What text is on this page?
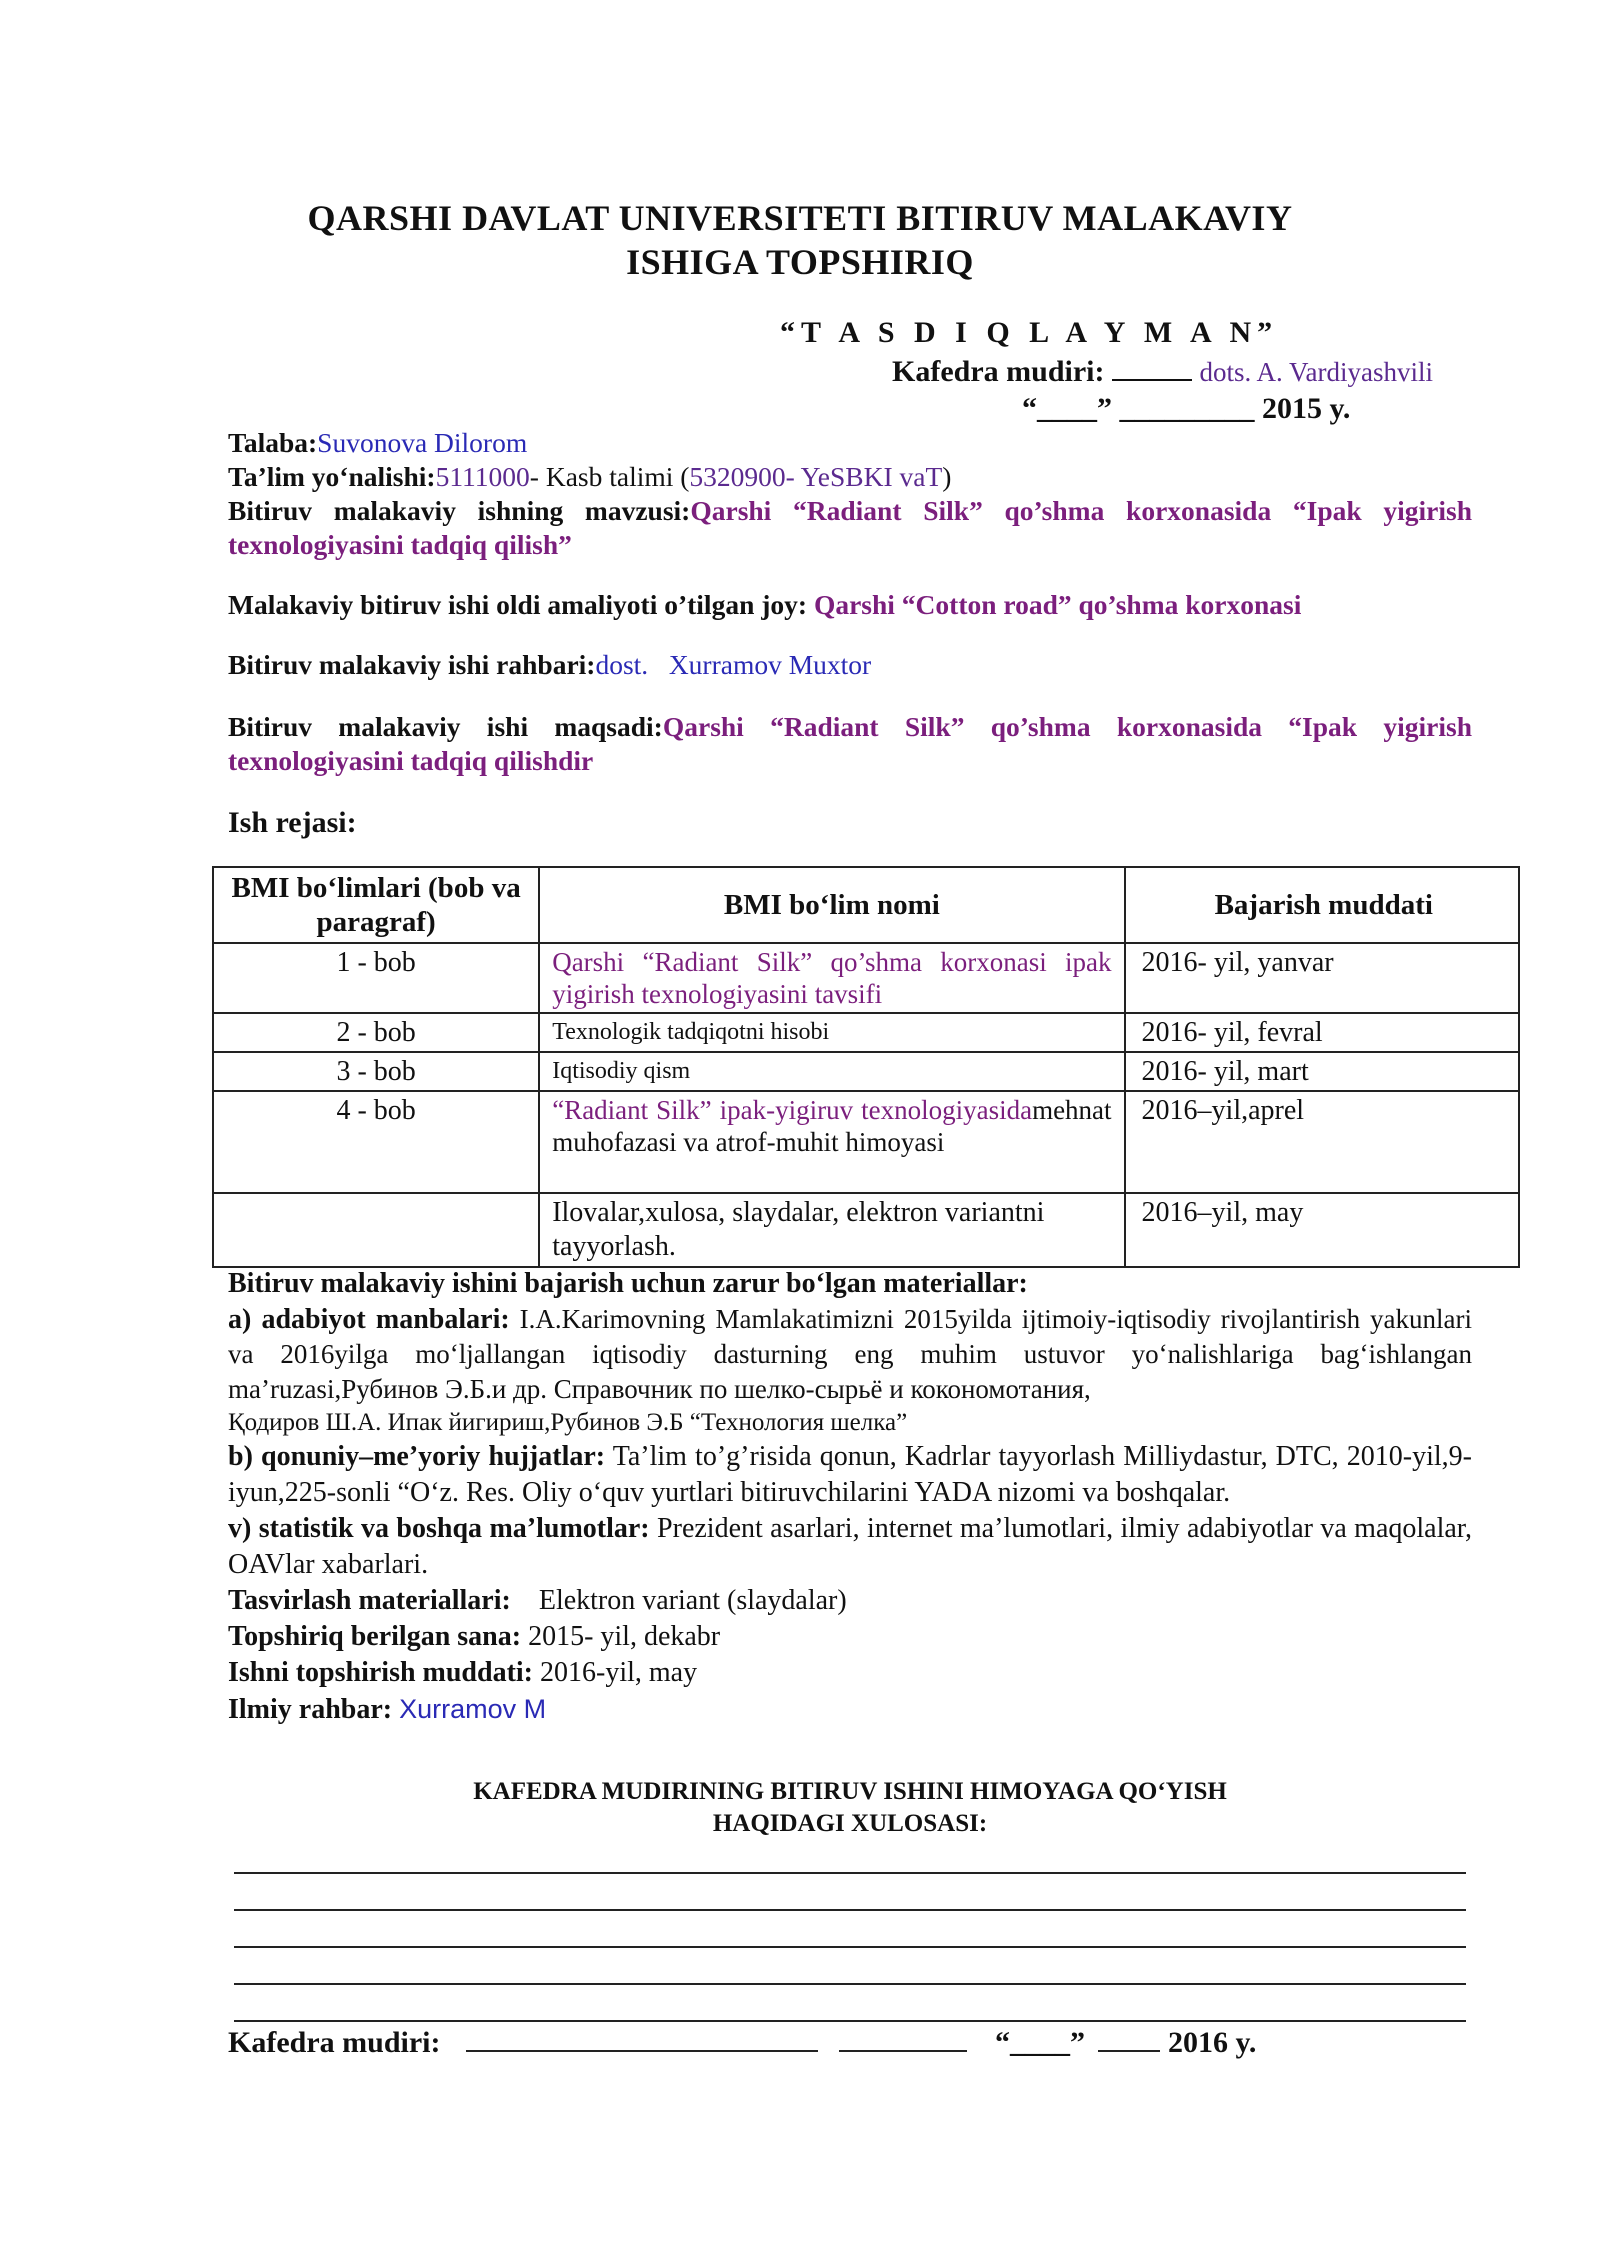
QARSHI DAVLAT UNIVERSITETI BITIRUV MALAKAVIY
ISHIGA TOPSHIRIQ
“T A S D I Q L A Y M A N”
Kafedra mudiri:	dots. A. Vardiyashvili
“____” _________ 2015 y.
Talaba:Suvonova Dilorom
Ta’lim yo‘nalishi:5111000- Kasb talimi (5320900- YeSBKI vaT)
Bitiruv malakaviy ishning mavzusi:Qarshi “Radiant Silk” qo’shma korxonasida “Ipak yigirish
texnologiyasini tadqiq qilish”
Malakaviy bitiruv ishi oldi amaliyoti o’tilgan joy: Qarshi “Cotton road” qo’shma korxonasi
Bitiruv malakaviy ishi rahbari:dost. Xurramov Muxtor
Bitiruv malakaviy ishi maqsadi:Qarshi “Radiant Silk” qo’shma korxonasida “Ipak yigirish
texnologiyasini tadqiq qilishdir
Ish rejasi:
BMI bo‘limlari (bob va paragraf)	BMI bo‘lim nomi	Bajarish muddati
1 - bob	Qarshi “Radiant Silk” qo’shma korxonasi ipak yigirish texnologiyasini tavsifi	2016- yil, yanvar
2 - bob	Texnologik tadqiqotni hisobi	2016- yil, fevral
3 - bob	Iqtisodiy qism	2016- yil, mart
4 - bob	“Radiant Silk” ipak-yigiruv texnologiyasidamehnat muhofazasi va atrof-muhit himoyasi	2016–yil,aprel
	Ilovalar,xulosa, slaydalar, elektron variantni tayyorlash.	2016–yil, may
Bitiruv malakaviy ishini bajarish uchun zarur bo‘lgan materiallar:
a) adabiyot manbalari: I.A.Karimovning Mamlakatimizni 2015yilda ijtimoiy-iqtisodiy rivojlantirish yakunlari va 2016yilga mo‘ljallangan iqtisodiy dasturning eng muhim ustuvor yo‘nalishlariga bag‘ishlangan ma’ruzasi,Рубинов Э.Б.и др. Справочник по шелко-сырьё и кокономотания,
Қодиров Ш.А. Ипак йигириш,Рубинов Э.Б “Технология шелка”
b) qonuniy–me’yoriy hujjatlar: Ta’lim to’g’risida qonun, Kadrlar tayyorlash Milliydastur, DTC, 2010-yil,9-iyun,225-sonli “O‘z. Res. Oliy o‘quv yurtlari bitiruvchilarini YADA nizomi va boshqalar.
v) statistik va boshqa ma’lumotlar: Prezident asarlari, internet ma’lumotlari, ilmiy adabiyotlar va maqolalar, OAVlar xabarlari.
Tasvirlash materiallari:    Elektron variant (slaydalar)
Topshiriq berilgan sana: 2015- yil, dekabr
Ishni topshirish muddati: 2016-yil, may
Ilmiy rahbar: Xurramov M
KAFEDRA MUDIRINING BITIRUV ISHINI HIMOYAGA QO‘YISH
HAQIDAGI XULOSASI:
Kafedra mudiri:	“____”	2016 y.
